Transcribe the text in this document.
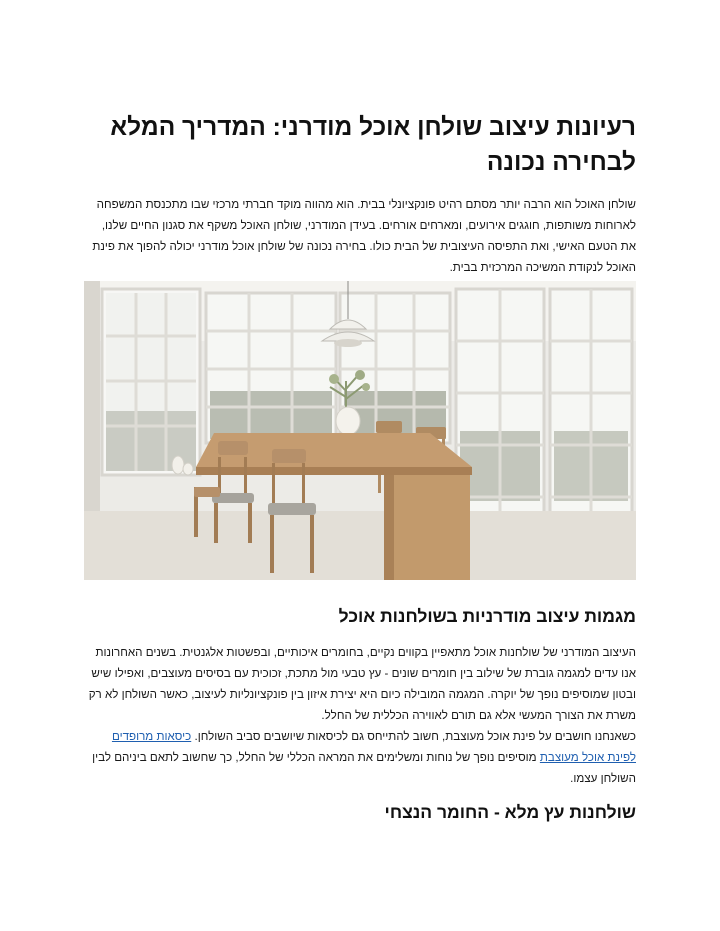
רעיונות עיצוב שולחן אוכל מודרני: המדריך המלא לבחירה נכונה

שולחן האוכל הוא הרבה יותר מסתם רהיט פונקציונלי בבית. הוא מהווה מוקד חברתי מרכזי שבו מתכנסת המשפחה לארוחות משותפות, חוגגים אירועים, ומארחים אורחים. בעידן המודרני, שולחן האוכל משקף את סגנון החיים שלנו, את הטעם האישי, ואת התפיסה העיצובית של הבית כולו. בחירה נכונה של שולחן אוכל מודרני יכולה להפוך את פינת האוכל לנקודת המשיכה המרכזית בבית.

מגמות עיצוב מודרניות בשולחנות אוכל

העיצוב המודרני של שולחנות אוכל מתאפיין בקווים נקיים, בחומרים איכותיים, ובפשטות אלגנטית. בשנים האחרונות אנו עדים למגמה גוברת של שילוב בין חומרים שונים - עץ טבעי מול מתכת, זכוכית עם בסיסים מעוצבים, ואפילו שיש ובטון שמוסיפים נופך של יוקרה. המגמה המובילה כיום היא יצירת איזון בין פונקציונליות לעיצוב, כאשר השולחן לא רק משרת את הצורך המעשי אלא גם תורם לאווירה הכללית של החלל.

כשאנחנו חושבים על פינת אוכל מעוצבת, חשוב להתייחס גם לכיסאות שיושבים סביב השולחן. כיסאות מרופדים לפינת אוכל מעוצבת מוסיפים נופך של נוחות ומשלימים את המראה הכללי של החלל, כך שחשוב לתאם ביניהם לבין השולחן עצמו.

שולחנות עץ מלא - החומר הנצחי
